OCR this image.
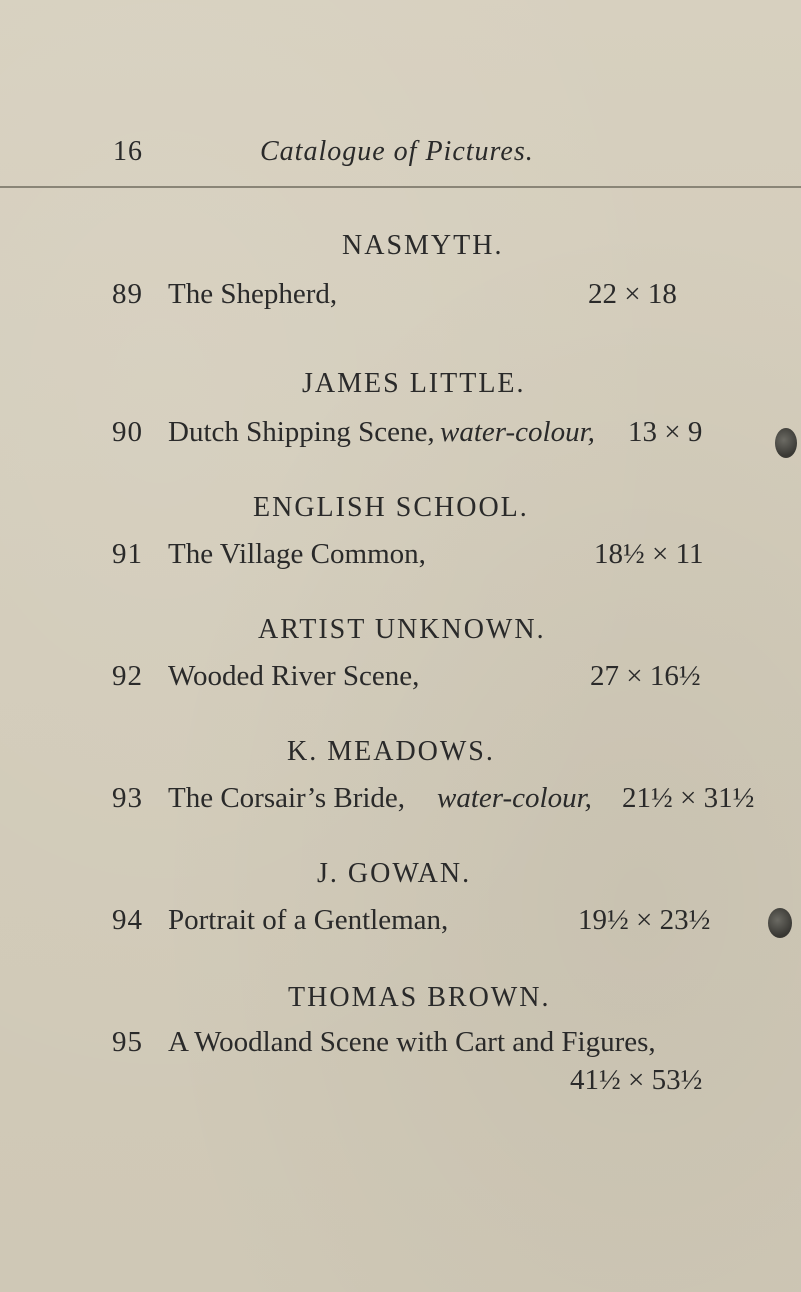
16	Catalogue of Pictures.
NASMYTH.
89 The Shepherd,	22 × 18
JAMES LITTLE.
90 Dutch Shipping Scene, water-colour, 13 × 9
ENGLISH SCHOOL.
91 The Village Common,	18½ × 11
ARTIST UNKNOWN.
92 Wooded River Scene,	27 × 16½
K. MEADOWS.
93 The Corsair’s Bride, water-colour, 21½ × 31½
J. GOWAN.
94 Portrait of a Gentleman,	19½ × 23½
THOMAS BROWN.
95 A Woodland Scene with Cart and Figures,
41½ × 53½
